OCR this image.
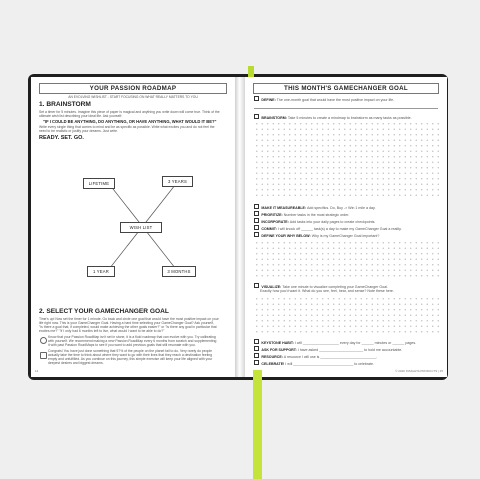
YOUR PASSION ROADMAP
AN EVOLVING WISHLIST - START FOCUSING ON WHAT REALLY MATTERS TO YOU
1. BRAINSTORM
Set a timer for 5 minutes. Imagine this piece of paper is magical and anything you write down will come true. Think of the
ultimate wish list describing your ideal life. Ask yourself:
"IF I COULD BE ANYTHING, DO ANYTHING, OR HAVE ANYTHING, WHAT WOULD IT BE?"
Write every single thing that comes to mind and be as specific as possible. Write what excites you and do not feel the
need to be realistic or justify your dreams. Just write.
READY. SET. GO.
LIFETIME	3 YEARS
WISH LIST
1 YEAR	3 MONTHS
2. SELECT YOUR GAMECHANGER GOAL
Time's up! Now set the timer for 1 minute. Go back and circle one goal that would have the most positive impact on your
life right now. This is your GameChanger Goal. Having a hard time selecting your GameChanger Goal? Ask yourself,
"Is there a goal that, if completed, would make achieving the other goals easier?" or "Is there any goal in particular that
excites me?" "If I only had 6 months left to live, what would I want to be able to do?"
Know that your Passion RoadMap isn't set in stone, it is a fluid roadmap that can evolve with you. Try calibrating
with yourself. We recommend making a new Passion RoadMap every 6 months from scratch and supplementing
it with past Passion RoadMaps to see if you want to add previous goals that still resonate with you.
Congrats! You have just done something that 97% of the people on the planet fail to do. Very rarely do people
actually take the time to think about where they want to go with their lives that they reach a destination feeling
empty and unfulfilled. As you continue on this journey, this simple exercise will keep your life aligned with your
deepest desires and biggest dreams.
14
THIS MONTH'S GAMECHANGER GOAL
DEFINE: The one-month goal that would have the most positive impact on your life.
BRAINSTORM: Take 5 minutes to create a mindmap to brainstorm as many tasks as possible.
MAKE IT MEASUREABLE: Add specifics. Do, Buy -> Win 1 mile a day.
PRIORITIZE: Number tasks in the most strategic order.
INCORPORATE: Add tasks into your daily pages to create checkpoints.
COMMIT: I will knock off ______ task(s) a day to make my GameChanger Goal a reality.
DEFINE YOUR WHY BELOW: Why is my GameChanger Goal important?
VISUALIZE: Take one minute to visualize completing your GameChanger Goal.
Exactly how you'd want it. What do you see, feel, hear, and sense? Note these here.
KEYSTONE HABIT: I will __________________ every day for ______ minutes or ______ pages.
ASK FOR SUPPORT: I have asked ______________________ to hold me accountable.
RESOURCE: A resource I will use is ____________________________.
CELEBRATE! I will ______________________________ to celebrate.
© 2020 INSIGHTA PRODUCTS | 15
